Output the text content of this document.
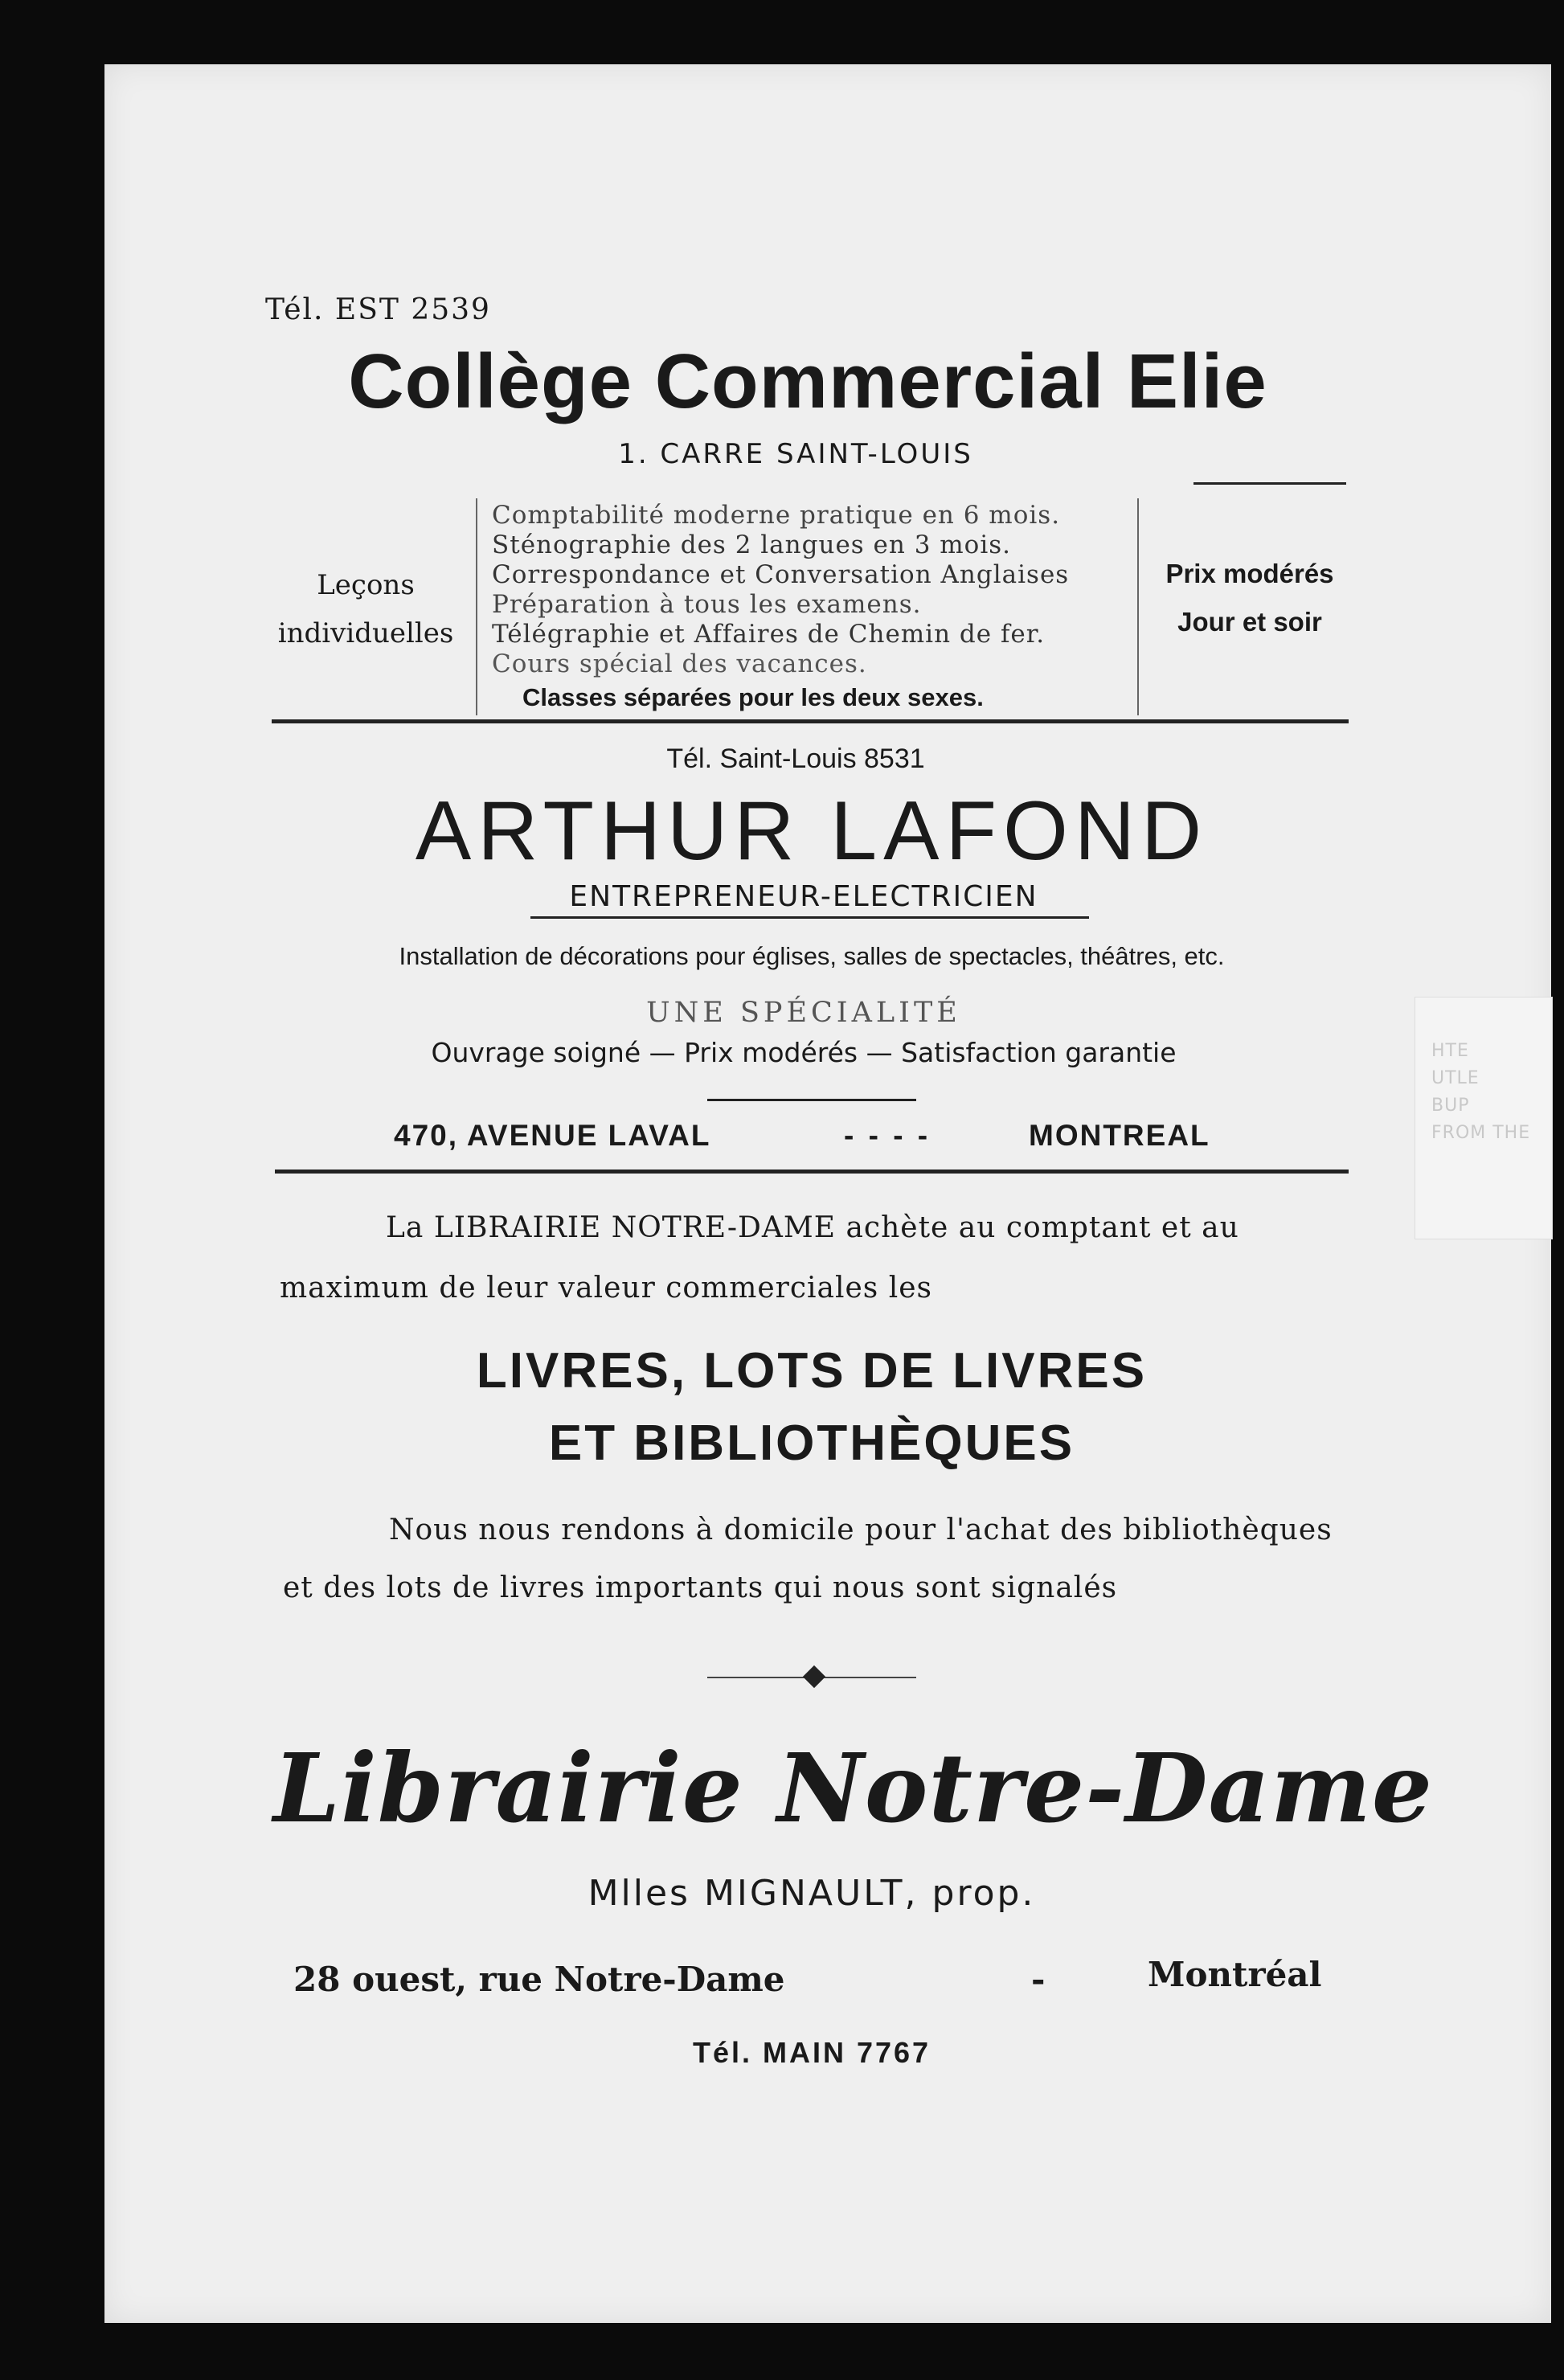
HTE
UTLE
BUP
FROM THE
Tél. EST 2539
Collège Commercial Elie
1. CARRE SAINT-LOUIS
Leçons
individuelles
Comptabilité moderne pratique en 6 mois.
Sténographie des 2 langues en 3 mois.
Correspondance et Conversation Anglaises
Préparation à tous les examens.
Télégraphie et Affaires de Chemin de fer.
Cours spécial des vacances.
Classes séparées pour les deux sexes.
Prix modérés
Jour et soir
Tél. Saint-Louis 8531
ARTHUR LAFOND
ENTREPRENEUR-ELECTRICIEN
Installation de décorations pour églises, salles de spectacles, théâtres, etc.
UNE SPÉCIALITÉ
Ouvrage soigné — Prix modérés — Satisfaction garantie
470, AVENUE LAVAL	- - - -	MONTREAL
La LIBRAIRIE NOTRE-DAME achète au comptant et au
maximum de leur valeur commerciales les
LIVRES, LOTS DE LIVRES
ET BIBLIOTHÈQUES
Nous nous rendons à domicile pour l'achat des bibliothèques
et des lots de livres importants qui nous sont signalés
Librairie Notre-Dame
Mlles MIGNAULT, prop.
28 ouest, rue Notre-Dame	-	Montréal
Tél. MAIN 7767
